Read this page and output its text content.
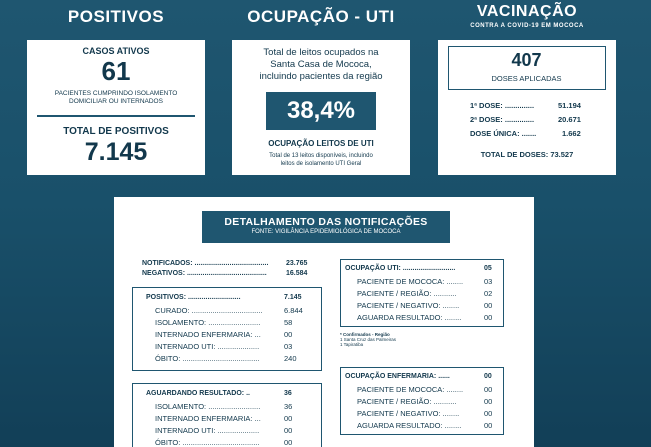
POSITIVOS
CASOS ATIVOS
61
PACIENTES CUMPRINDO ISOLAMENTO
DOMICILIAR OU INTERNADOS
TOTAL DE POSITIVOS
7.145
OCUPAÇÃO - UTI
Total de leitos ocupados na
Santa Casa de Mococa,
incluindo pacientes da região
38,4%
OCUPAÇÃO LEITOS DE UTI
Total de 13 leitos disponíveis, incluindo
leitos de isolamento UTI Geral
VACINAÇÃO
CONTRA A COVID-19 EM MOCOCA
407
DOSES APLICADAS
1ª DOSE: ..............	51.194
2ª DOSE: ..............	20.671
DOSE ÚNICA: .......	1.662
TOTAL DE DOSES: 73.527
DETALHAMENTO DAS NOTIFICAÇÕES
FONTE: VIGILÂNCIA EPIDEMIOLÓGICA DE MOCOCA
NOTIFICADOS: ......................................	23.765
NEGATIVOS: .........................................	16.584
POSITIVOS: ...........................	7.145
CURADO: ..................................	6.844
ISOLAMENTO: .........................	58
INTERNADO ENFERMARIA: ...	00
INTERNADO UTI: ....................	03
ÓBITO: .....................................	240
AGUARDANDO RESULTADO: ..	36
ISOLAMENTO: .........................	36
INTERNADO ENFERMARIA: ...	00
INTERNADO UTI: ....................	00
ÓBITO: .....................................	00
OCUPAÇÃO UTI: ...........................	05
PACIENTE DE MOCOCA: ........	03
PACIENTE / REGIÃO: ...........	02
PACIENTE / NEGATIVO: ........	00
AGUARDA RESULTADO: ........	00
* Confirmados - Região
1 Santa Cruz das Palmeiras
1 Tapiratiba
OCUPAÇÃO ENFERMARIA: ......	00
PACIENTE DE MOCOCA: ........	00
PACIENTE / REGIÃO: ...........	00
PACIENTE / NEGATIVO: ........	00
AGUARDA RESULTADO: ........	00
